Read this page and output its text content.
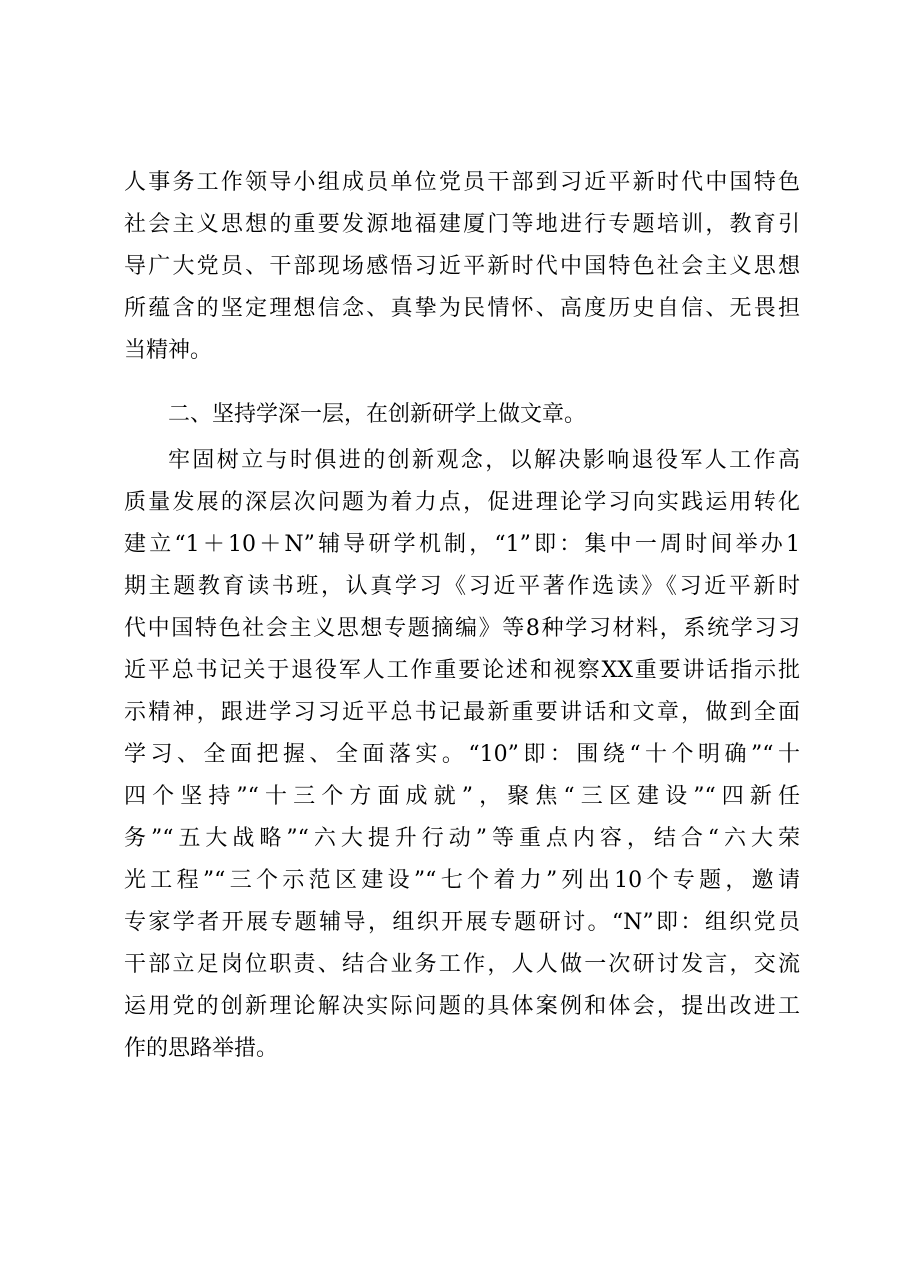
人事务工作领导小组成员单位党员干部到习近平新时代中国特色
社会主义思想的重要发源地福建厦门等地进行专题培训，教育引
导广大党员、干部现场感悟习近平新时代中国特色社会主义思想
所蕴含的坚定理想信念、真挚为民情怀、高度历史自信、无畏担
当精神。
二、坚持学深一层，在创新研学上做文章。
牢固树立与时俱进的创新观念，以解决影响退役军人工作高
质量发展的深层次问题为着力点，促进理论学习向实践运用转化
建立“1＋10＋N”辅导研学机制，“1”即：集中一周时间举办1
期主题教育读书班，认真学习《习近平著作选读》《习近平新时
代中国特色社会主义思想专题摘编》等8种学习材料，系统学习习
近平总书记关于退役军人工作重要论述和视察XX重要讲话指示批
示精神，跟进学习习近平总书记最新重要讲话和文章，做到全面
学习、全面把握、全面落实。“10”即：围绕“十个明确”“十
四个坚持”“十三个方面成就”，聚焦“三区建设”“四新任
务”“五大战略”“六大提升行动”等重点内容，结合“六大荣
光工程”“三个示范区建设”“七个着力”列出10个专题，邀请
专家学者开展专题辅导，组织开展专题研讨。“N”即：组织党员
干部立足岗位职责、结合业务工作，人人做一次研讨发言，交流
运用党的创新理论解决实际问题的具体案例和体会，提出改进工
作的思路举措。
